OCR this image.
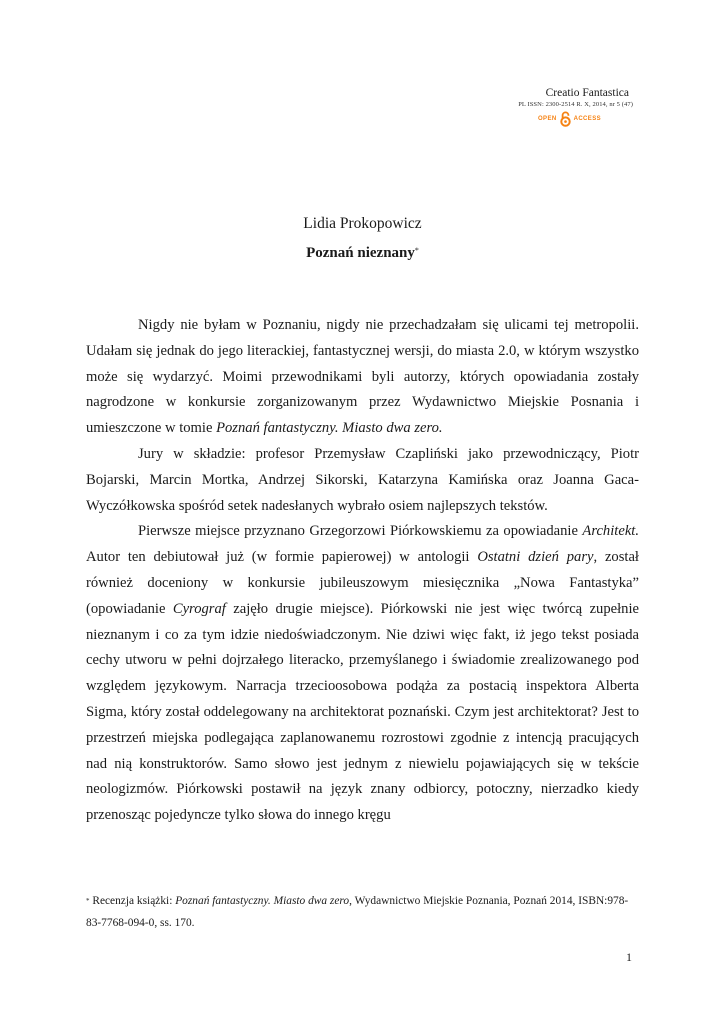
Creatio Fantastica
PL ISSN: 2300-2514 R. X, 2014, nr 5 (47)
OPEN	ACCESS
Lidia Prokopowicz
Poznań nieznany*

Nigdy nie byłam w Poznaniu, nigdy nie przechadzałam się ulicami tej metropolii. Udałam się jednak do jego literackiej, fantastycznej wersji, do miasta 2.0, w którym wszystko może się wydarzyć. Moimi przewodnikami byli autorzy, których opowiadania zostały nagrodzone w konkursie zorganizowanym przez Wydawnictwo Miejskie Posnania i umieszczone w tomie Poznań fantastyczny. Miasto dwa zero.

Jury w składzie: profesor Przemysław Czapliński jako przewodniczący, Piotr Bojarski, Marcin Mortka, Andrzej Sikorski, Katarzyna Kamińska oraz Joanna Gaca-Wyczółkowska spośród setek nadesłanych wybrało osiem najlepszych tekstów.

Pierwsze miejsce przyznano Grzegorzowi Piórkowskiemu za opowiadanie Architekt. Autor ten debiutował już (w formie papierowej) w antologii Ostatni dzień pary, został również doceniony w konkursie jubileuszowym miesięcznika „Nowa Fantastyka” (opowiadanie Cyrograf zajęło drugie miejsce). Piórkowski nie jest więc twórcą zupełnie nieznanym i co za tym idzie niedoświadczonym. Nie dziwi więc fakt, iż jego tekst posiada cechy utworu w pełni dojrzałego literacko, przemyślanego i świadomie zrealizowanego pod względem językowym. Narracja trzecioosobowa podąża za postacią inspektora Alberta Sigma, który został oddelegowany na architektorat poznański. Czym jest architektorat? Jest to przestrzeń miejska podlegająca zaplanowanemu rozrostowi zgodnie z intencją pracujących nad nią konstruktorów. Samo słowo jest jednym z niewielu pojawiających się w tekście neologizmów. Piórkowski postawił na język znany odbiorcy, potoczny, nierzadko kiedy przenosząc pojedyncze tylko słowa do innego kręgu

* Recenzja książki: Poznań fantastyczny. Miasto dwa zero, Wydawnictwo Miejskie Poznania, Poznań 2014, ISBN:978-83-7768-094-0, ss. 170.
1
